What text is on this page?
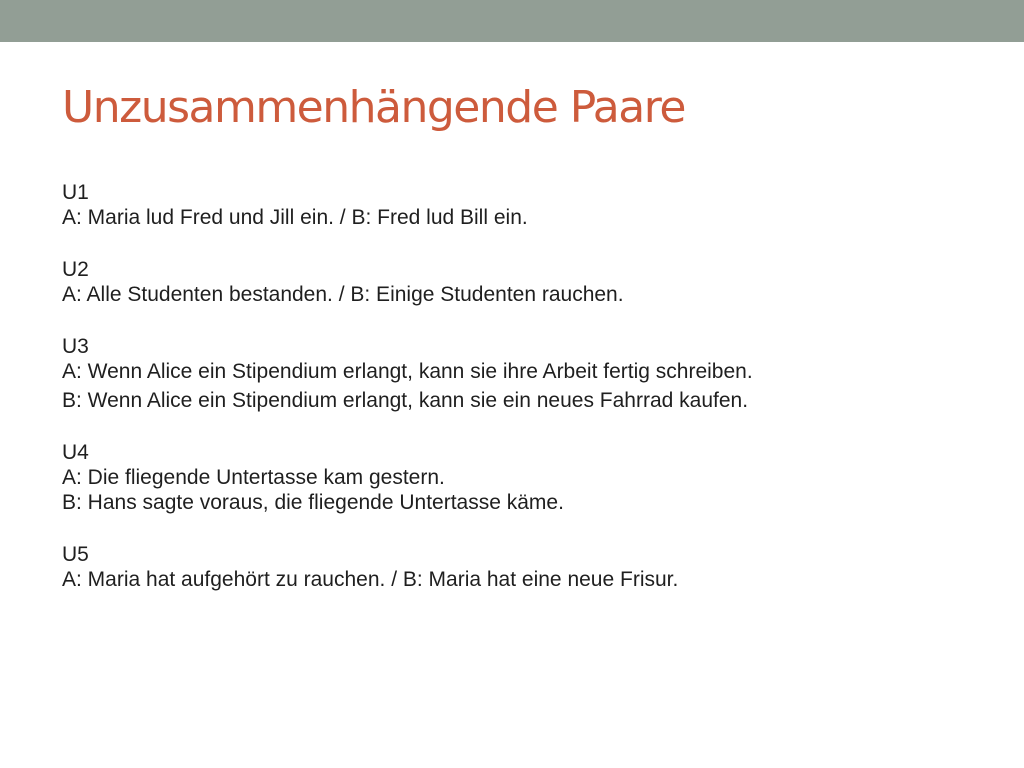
Unzusammenhängende Paare
U1
A: Maria lud Fred und Jill ein. / B: Fred lud Bill ein.
U2
A: Alle Studenten bestanden. / B: Einige Studenten rauchen.
U3
A: Wenn Alice ein Stipendium erlangt, kann sie ihre Arbeit fertig schreiben.
B: Wenn Alice ein Stipendium erlangt, kann sie ein neues Fahrrad kaufen.
U4
A: Die fliegende Untertasse kam gestern.
B: Hans sagte voraus, die fliegende Untertasse käme.
U5
A: Maria hat aufgehört zu rauchen. / B: Maria hat eine neue Frisur.
